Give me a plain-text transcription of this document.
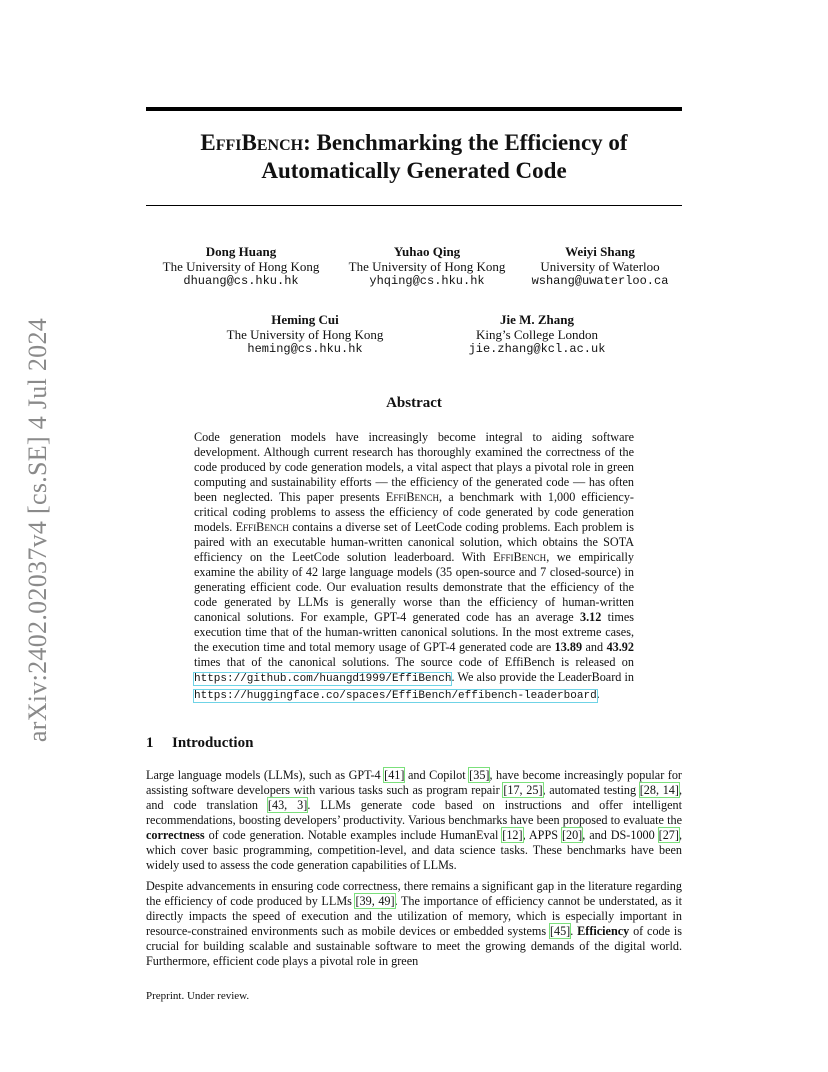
arXiv:2402.02037v4 [cs.SE] 4 Jul 2024
EffiBench: Benchmarking the Efficiency of
Automatically Generated Code
Dong Huang
The University of Hong Kong
dhuang@cs.hku.hk
Yuhao Qing
The University of Hong Kong
yhqing@cs.hku.hk
Weiyi Shang
University of Waterloo
wshang@uwaterloo.ca
Heming Cui
The University of Hong Kong
heming@cs.hku.hk
Jie M. Zhang
King’s College London
jie.zhang@kcl.ac.uk
Abstract
Code generation models have increasingly become integral to aiding software development. Although current research has thoroughly examined the correctness of the code produced by code generation models, a vital aspect that plays a pivotal role in green computing and sustainability efforts — the efficiency of the generated code — has often been neglected. This paper presents EffiBench, a benchmark with 1,000 efficiency-critical coding problems to assess the efficiency of code generated by code generation models. EffiBench contains a diverse set of LeetCode coding problems. Each problem is paired with an executable human-written canonical solution, which obtains the SOTA efficiency on the LeetCode solution leaderboard. With EffiBench, we empirically examine the ability of 42 large language models (35 open-source and 7 closed-source) in generating efficient code. Our evaluation results demonstrate that the efficiency of the code generated by LLMs is generally worse than the efficiency of human-written canonical solutions. For example, GPT-4 generated code has an average 3.12 times execution time that of the human-written canonical solutions. In the most extreme cases, the execution time and total memory usage of GPT-4 generated code are 13.89 and 43.92 times that of the canonical solutions. The source code of EffiBench is released on https://github.com/huangd1999/EffiBench. We also provide the LeaderBoard in https://huggingface.co/spaces/EffiBench/effibench-leaderboard.
1 Introduction
Large language models (LLMs), such as GPT-4 [41] and Copilot [35], have become increasingly popular for assisting software developers with various tasks such as program repair [17, 25], automated testing [28, 14], and code translation [43, 3]. LLMs generate code based on instructions and offer intelligent recommendations, boosting developers’ productivity. Various benchmarks have been proposed to evaluate the correctness of code generation. Notable examples include HumanEval [12], APPS [20], and DS-1000 [27], which cover basic programming, competition-level, and data science tasks. These benchmarks have been widely used to assess the code generation capabilities of LLMs.
Despite advancements in ensuring code correctness, there remains a significant gap in the literature regarding the efficiency of code produced by LLMs [39, 49]. The importance of efficiency cannot be understated, as it directly impacts the speed of execution and the utilization of memory, which is especially important in resource-constrained environments such as mobile devices or embedded systems [45]. Efficiency of code is crucial for building scalable and sustainable software to meet the growing demands of the digital world. Furthermore, efficient code plays a pivotal role in green
Preprint. Under review.
